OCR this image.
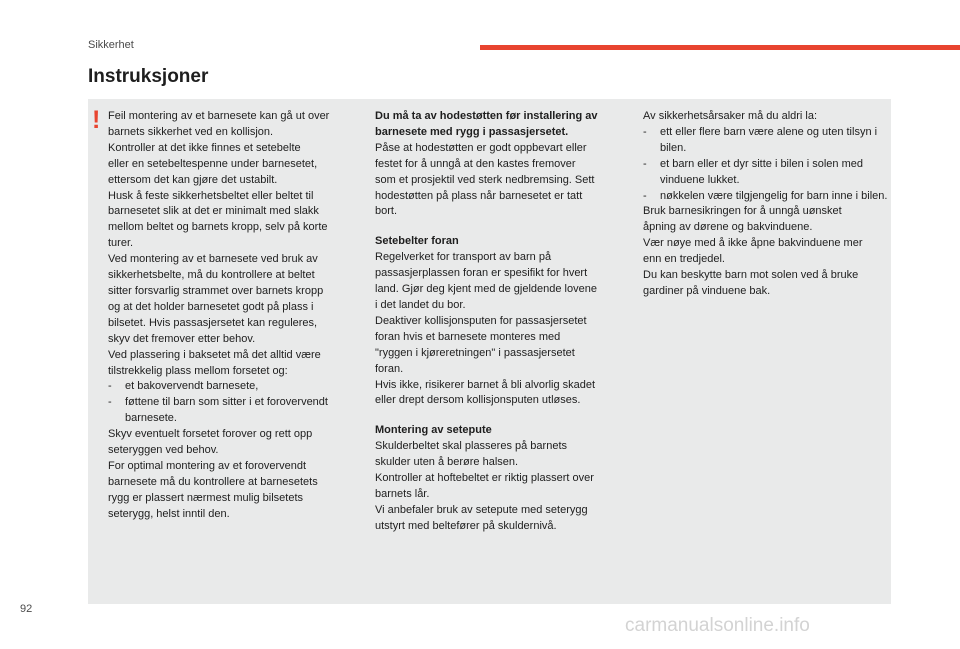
Sikkerhet
Instruksjoner
! Feil montering av et barnesete kan gå ut over

barnets sikkerhet ved en kollisjon.

Kontroller at det ikke finnes et setebelte

eller en setebeltespenne under barnesetet,

ettersom det kan gjøre det ustabilt.

Husk å feste sikkerhetsbeltet eller beltet til

barnesetet slik at det er minimalt med slakk

mellom beltet og barnets kropp, selv på korte

turer.

Ved montering av et barnesete ved bruk av

sikkerhetsbelte, må du kontrollere at beltet

sitter forsvarlig strammet over barnets kropp

og at det holder barnesetet godt på plass i

bilsetet. Hvis passasjersetet kan reguleres,

skyv det fremover etter behov.

Ved plassering i baksetet må det alltid være

tilstrekkelig plass mellom forsetet og:

- et bakovervendt barnesete,

- føttene til barn som sitter i et forovervendt barnesete.

Skyv eventuelt forsetet forover og rett opp

seteryggen ved behov.

For optimal montering av et forovervendt

barnesete må du kontrollere at barnesetets

rygg er plassert nærmest mulig bilsetets

seterygg, helst inntil den.

Du må ta av hodestøtten før installering av

barnesete med rygg i passasjersetet.

Påse at hodestøtten er godt oppbevart eller

festet for å unngå at den kastes fremover

som et prosjektil ved sterk nedbremsing. Sett

hodestøtten på plass når barnesetet er tatt

bort.

Setebelter foran

Regelverket for transport av barn på

passasjerplassen foran er spesifikt for hvert

land. Gjør deg kjent med de gjeldende lovene

i det landet du bor.

Deaktiver kollisjonsputen for passasjersetet

foran hvis et barnesete monteres med

"ryggen i kjøreretningen" i passasjersetet

foran.

Hvis ikke, risikerer barnet å bli alvorlig skadet

eller drept dersom kollisjonsputen utløses.

Montering av setepute

Skulderbeltet skal plasseres på barnets

skulder uten å berøre halsen.

Kontroller at hoftebeltet er riktig plassert over

barnets lår.

Vi anbefaler bruk av setepute med seterygg

utstyrt med beltefører på skuldernivå.

Av sikkerhetsårsaker må du aldri la:

- ett eller flere barn være alene og uten tilsyn i bilen.

- et barn eller et dyr sitte i bilen i solen med vinduene lukket.

- nøkkelen være tilgjengelig for barn inne i bilen.

Bruk barnesikringen for å unngå uønsket

åpning av dørene og bakvinduene.

Vær nøye med å ikke åpne bakvinduene mer

enn en tredjedel.

Du kan beskytte barn mot solen ved å bruke

gardiner på vinduene bak.

92
carmanualsonline.info
